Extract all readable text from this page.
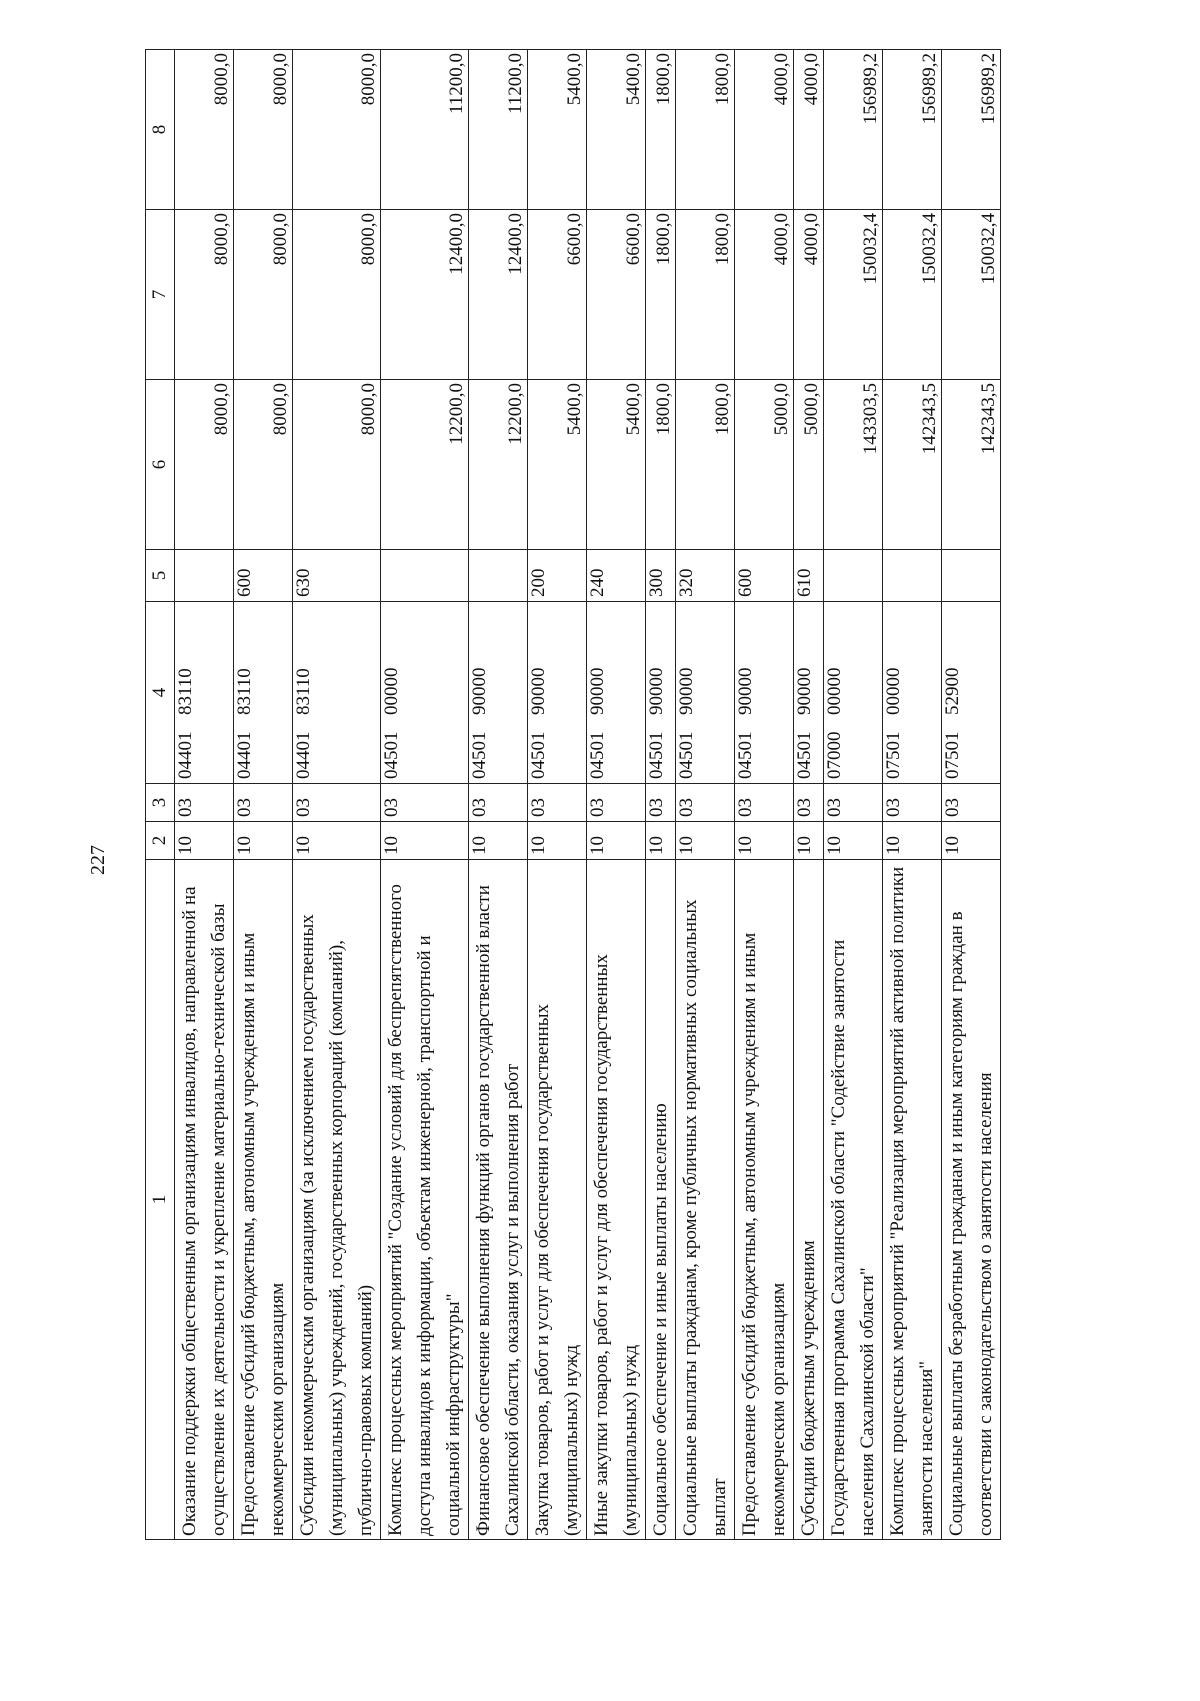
227
1	2	3	4	5	6	7	8
Оказание поддержки общественным организациям инвалидов, направленной на осуществление их деятельности и укрепление материально-технической базы	10	03	0440183110		8000,0	8000,0	8000,0
Предоставление субсидий бюджетным, автономным учреждениям и иным некоммерческим организациям	10	03	0440183110	600	8000,0	8000,0	8000,0
Субсидии некоммерческим организациям (за исключением государственных (муниципальных) учреждений, государственных корпораций (компаний), публично-правовых компаний)	10	03	0440183110	630	8000,0	8000,0	8000,0
Комплекс процессных мероприятий "Создание условий для беспрепятственного доступа инвалидов к информации, объектам инженерной, транспортной и социальной инфраструктуры"	10	03	0450100000		12200,0	12400,0	11200,0
Финансовое обеспечение выполнения функций органов государственной власти Сахалинской области, оказания услуг и выполнения работ	10	03	0450190000		12200,0	12400,0	11200,0
Закупка товаров, работ и услуг для обеспечения государственных (муниципальных) нужд	10	03	0450190000	200	5400,0	6600,0	5400,0
Иные закупки товаров, работ и услуг для обеспечения государственных (муниципальных) нужд	10	03	0450190000	240	5400,0	6600,0	5400,0
Социальное обеспечение и иные выплаты населению	10	03	0450190000	300	1800,0	1800,0	1800,0
Социальные выплаты гражданам, кроме публичных нормативных социальных выплат	10	03	0450190000	320	1800,0	1800,0	1800,0
Предоставление субсидий бюджетным, автономным учреждениям и иным некоммерческим организациям	10	03	0450190000	600	5000,0	4000,0	4000,0
Субсидии бюджетным учреждениям	10	03	0450190000	610	5000,0	4000,0	4000,0
Государственная программа Сахалинской области "Содействие занятости населения Сахалинской области"	10	03	0700000000		143303,5	150032,4	156989,2
Комплекс процессных мероприятий "Реализация мероприятий активной политики занятости населения"	10	03	0750100000		142343,5	150032,4	156989,2
Социальные выплаты безработным гражданам и иным категориям граждан в соответствии с законодательством о занятости населения	10	03	0750152900		142343,5	150032,4	156989,2
